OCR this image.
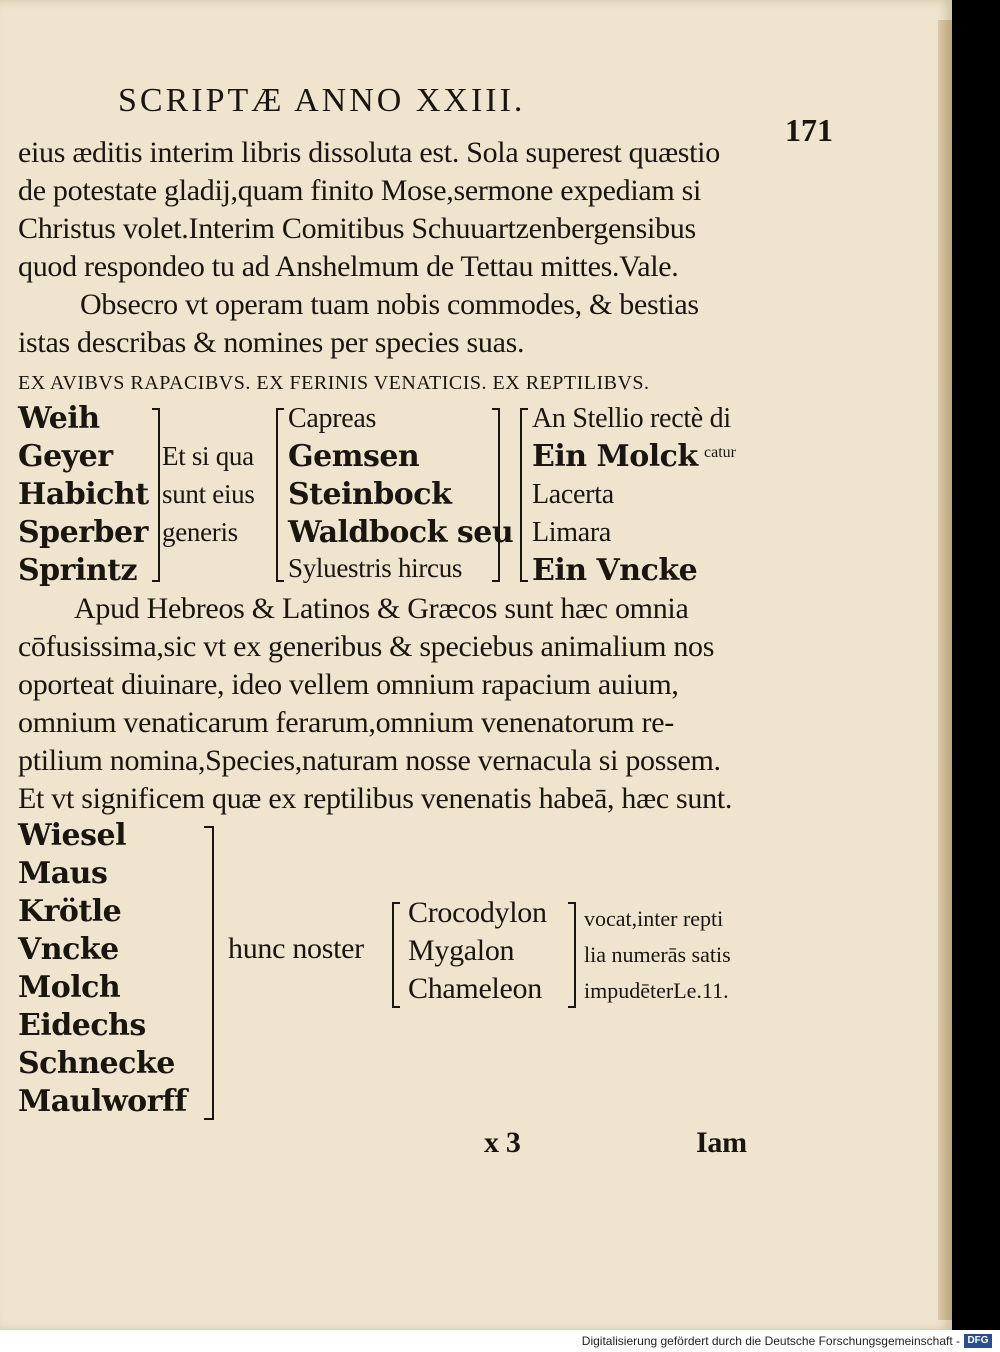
SCRIPTÆ ANNO XXIII.
171
eius æditis interim libris dissoluta est. Sola superest quæstio
de potestate gladij,quam finito Mose,sermone expediam si
Christus volet.Interim Comitibus Schuuartzenbergensibus
quod respondeo tu ad Anshelmum de Tettau mittes.Vale.
Obsecro vt operam tuam nobis commodes, & bestias
istas describas & nomines per species suas.
EX AVIBVS RAPACIBVS. EX FERINIS VENATICIS. EX REPTILIBVS.
Weih
Geyer
Habicht
Sperber
Sprintz
Et si qua
sunt eius
generis
Capreas
Gemsen
Steinbock
Waldbock seu
Syluestris hircus
An Stellio rectè di
Ein Molck catur
Lacerta
Limara
Ein Vncke
Apud Hebreos & Latinos & Græcos sunt hæc omnia
cōfusissima,sic vt ex generibus & speciebus animalium nos
oporteat diuinare, ideo vellem omnium rapacium auium,
omnium venaticarum ferarum,omnium venenatorum re-
ptilium nomina,Species,naturam nosse vernacula si possem.
Et vt significem quæ ex reptilibus venenatis habeā, hæc sunt.
Wiesel
Maus
Krötle
Vncke
Molch
Eidechs
Schnecke
Maulworff
hunc noster
Crocodylon
Mygalon
Chameleon
vocat,inter repti
lia numerās satis
impudēterLe.11.
x 3	Iam
Digitalisierung gefördert durch die Deutsche Forschungsgemeinschaft - DFG
